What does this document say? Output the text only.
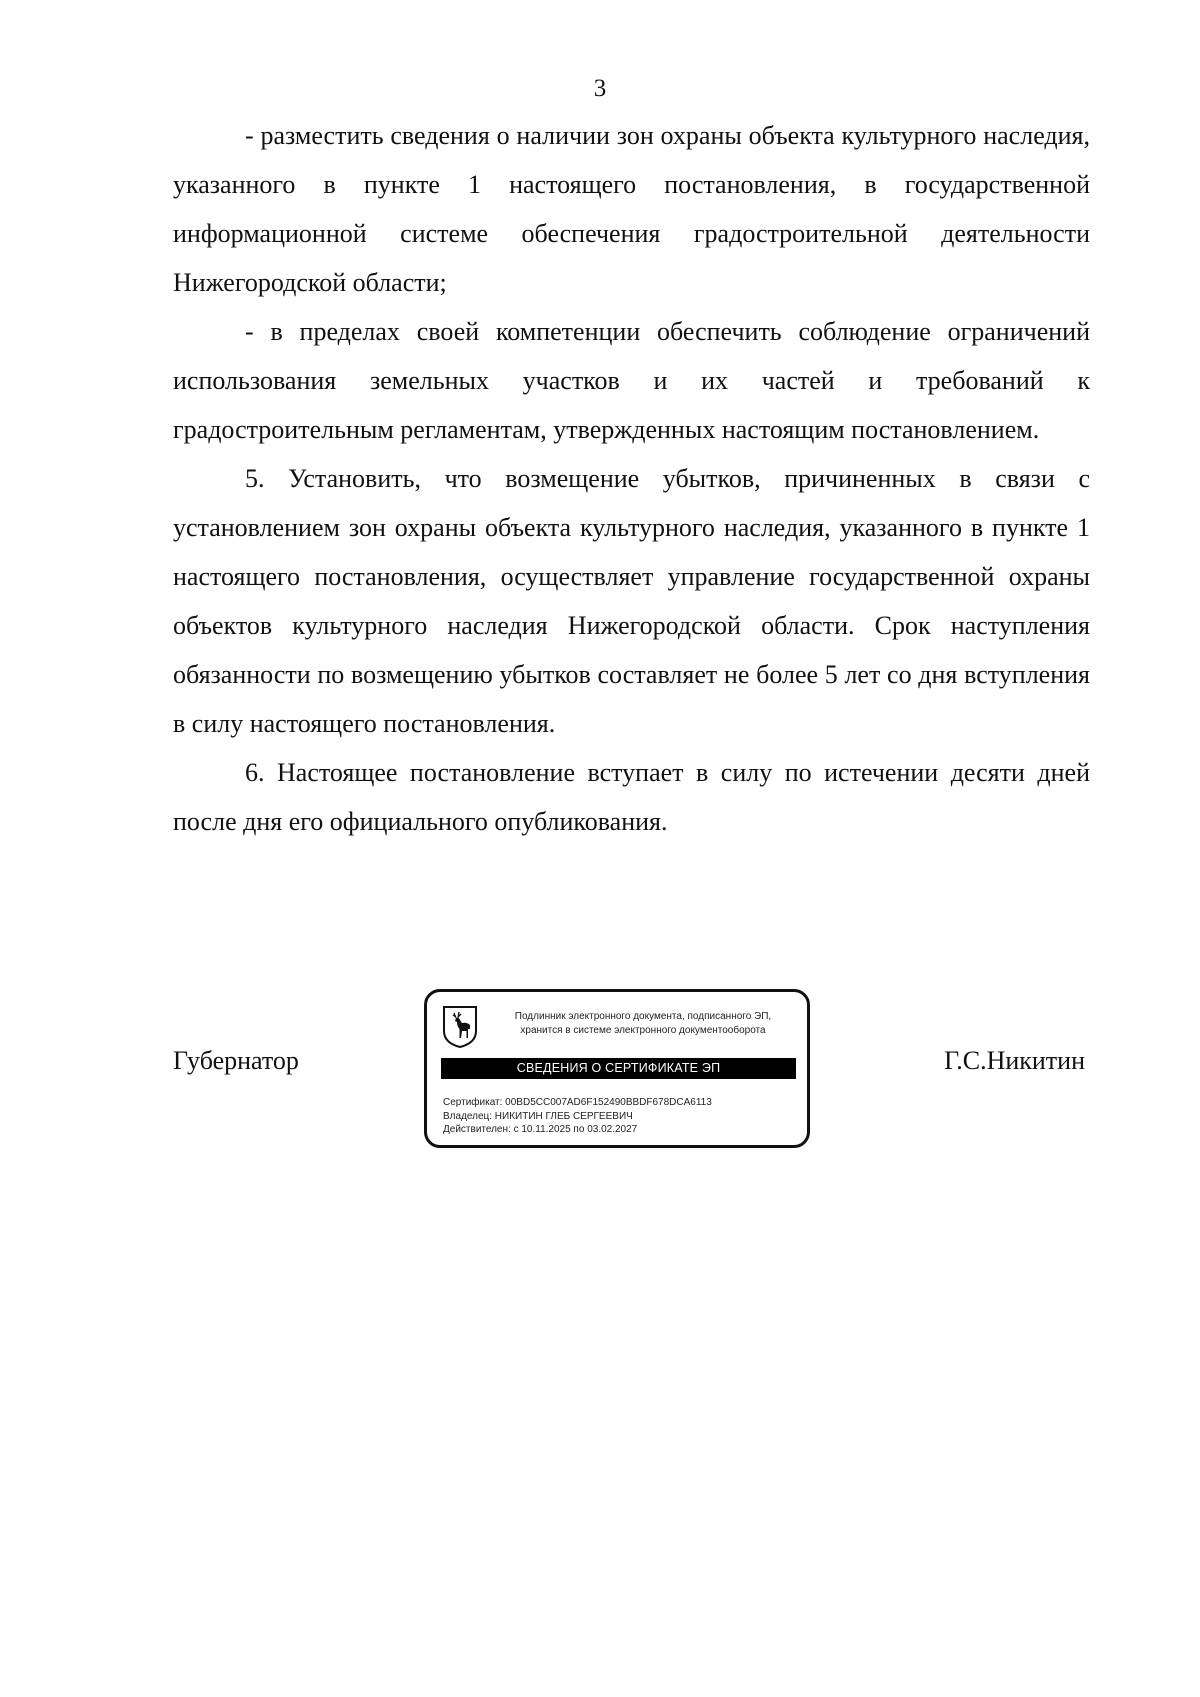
3

- разместить сведения о наличии зон охраны объекта культурного наследия, указанного в пункте 1 настоящего постановления, в государственной информационной системе обеспечения градостроительной деятельности Нижегородской области;

- в пределах своей компетенции обеспечить соблюдение ограничений использования земельных участков и их частей и требований к градостроительным регламентам, утвержденных настоящим постановлением.

5. Установить, что возмещение убытков, причиненных в связи с установлением зон охраны объекта культурного наследия, указанного в пункте 1 настоящего постановления, осуществляет управление государственной охраны объектов культурного наследия Нижегородской области. Срок наступления обязанности по возмещению убытков составляет не более 5 лет со дня вступления в силу настоящего постановления.

6. Настоящее постановление вступает в силу по истечении десяти дней после дня его официального опубликования.

Губернатор	Г.С.Никитин
Подлинник электронного документа, подписанного ЭП,
хранится в системе электронного документооборота
СВЕДЕНИЯ О СЕРТИФИКАТЕ ЭП
Сертификат: 00BD5CC007AD6F152490BBDF678DCA6113
Владелец: НИКИТИН ГЛЕБ СЕРГЕЕВИЧ
Действителен: с 10.11.2025 по 03.02.2027
